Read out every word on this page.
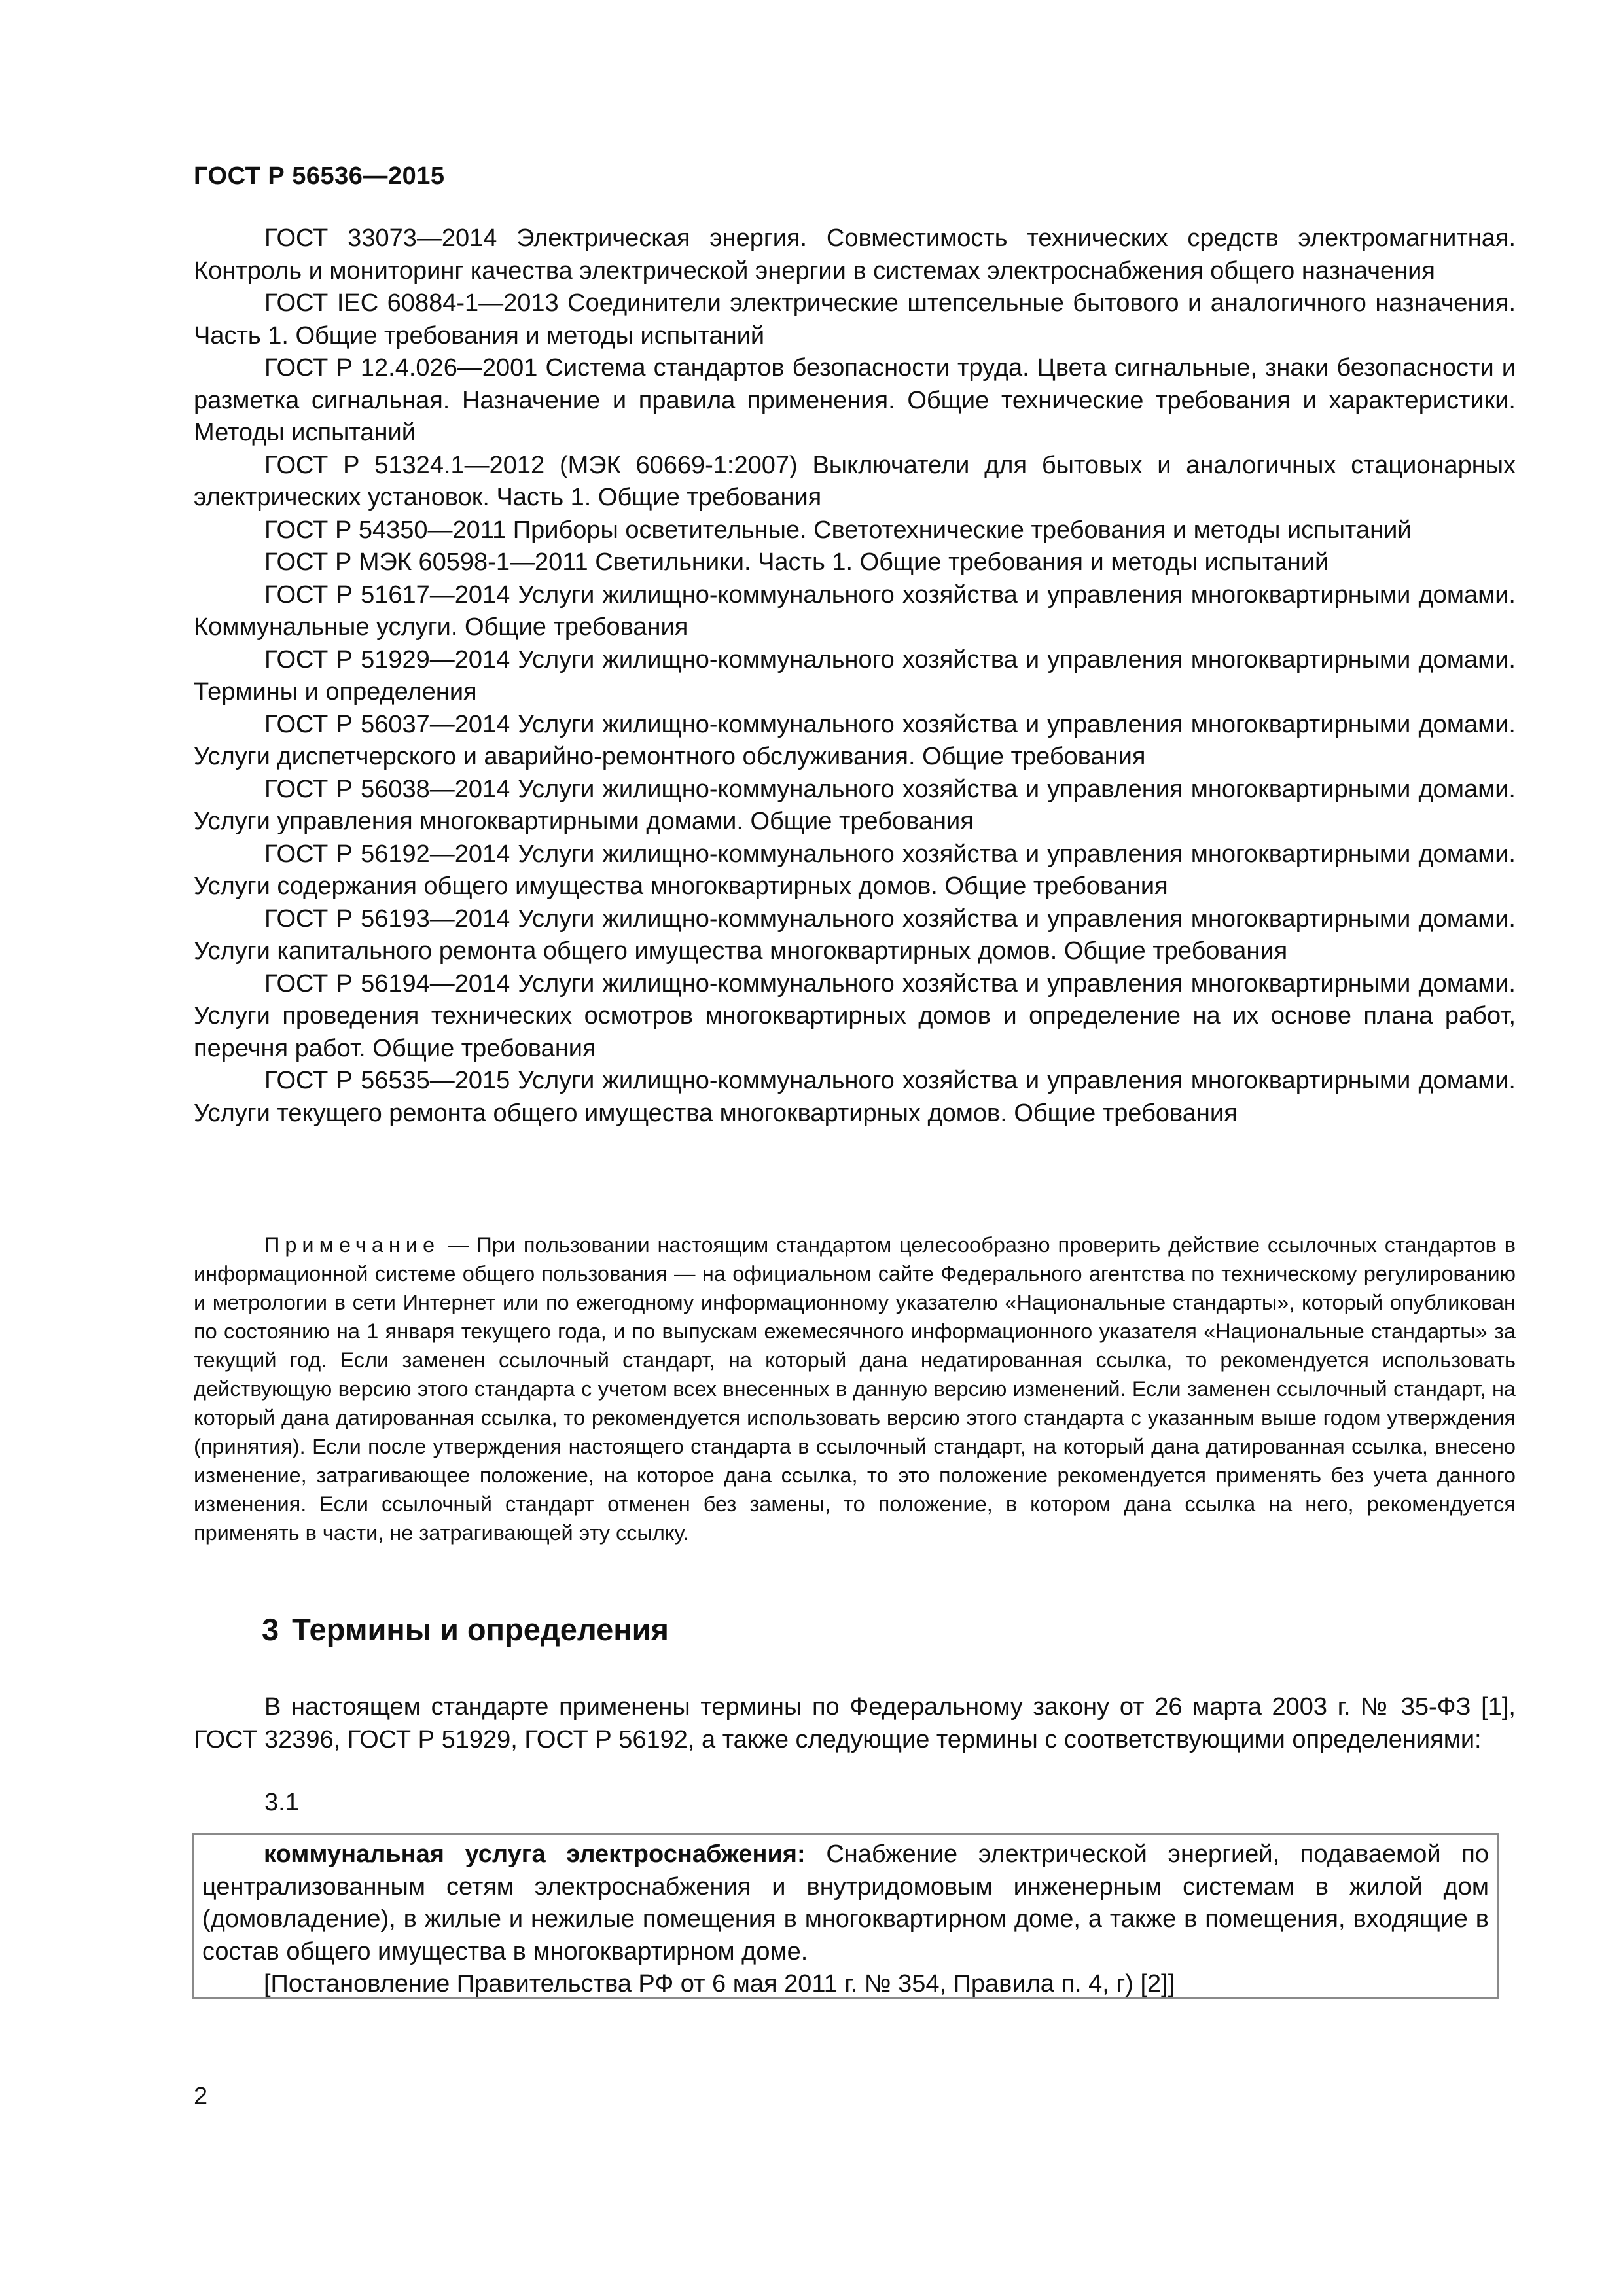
ГОСТ Р 56536—2015

ГОСТ 33073—2014 Электрическая энергия. Совместимость технических средств электромагнитная. Контроль и мониторинг качества электрической энергии в системах электроснабжения общего назначения

ГОСТ IEC 60884-1—2013 Соединители электрические штепсельные бытового и аналогичного назначения. Часть 1. Общие требования и методы испытаний

ГОСТ Р 12.4.026—2001 Система стандартов безопасности труда. Цвета сигнальные, знаки безопасности и разметка сигнальная. Назначение и правила применения. Общие технические требования и характеристики. Методы испытаний

ГОСТ Р 51324.1—2012 (МЭК 60669-1:2007) Выключатели для бытовых и аналогичных стационарных электрических установок. Часть 1. Общие требования

ГОСТ Р 54350—2011 Приборы осветительные. Светотехнические требования и методы испытаний

ГОСТ Р МЭК 60598-1—2011 Светильники. Часть 1. Общие требования и методы испытаний

ГОСТ Р 51617—2014 Услуги жилищно-коммунального хозяйства и управления многоквартирными домами. Коммунальные услуги. Общие требования

ГОСТ Р 51929—2014 Услуги жилищно-коммунального хозяйства и управления многоквартирными домами. Термины и определения

ГОСТ Р 56037—2014 Услуги жилищно-коммунального хозяйства и управления многоквартирными домами. Услуги диспетчерского и аварийно-ремонтного обслуживания. Общие требования

ГОСТ Р 56038—2014 Услуги жилищно-коммунального хозяйства и управления многоквартирными домами. Услуги управления многоквартирными домами. Общие требования

ГОСТ Р 56192—2014 Услуги жилищно-коммунального хозяйства и управления многоквартирными домами. Услуги содержания общего имущества многоквартирных домов. Общие требования

ГОСТ Р 56193—2014 Услуги жилищно-коммунального хозяйства и управления многоквартирными домами. Услуги капитального ремонта общего имущества многоквартирных домов. Общие требования

ГОСТ Р 56194—2014 Услуги жилищно-коммунального хозяйства и управления многоквартирными домами. Услуги проведения технических осмотров многоквартирных домов и определение на их основе плана работ, перечня работ. Общие требования

ГОСТ Р 56535—2015 Услуги жилищно-коммунального хозяйства и управления многоквартирными домами. Услуги текущего ремонта общего имущества многоквартирных домов. Общие требования

Примечание — При пользовании настоящим стандартом целесообразно проверить действие ссылочных стандартов в информационной системе общего пользования — на официальном сайте Федерального агентства по техническому регулированию и метрологии в сети Интернет или по ежегодному информационному указателю «Национальные стандарты», который опубликован по состоянию на 1 января текущего года, и по выпускам ежемесячного информационного указателя «Национальные стандарты» за текущий год. Если заменен ссылочный стандарт, на который дана недатированная ссылка, то рекомендуется использовать действующую версию этого стандарта с учетом всех внесенных в данную версию изменений. Если заменен ссылочный стандарт, на который дана датированная ссылка, то рекомендуется использовать версию этого стандарта с указанным выше годом утверждения (принятия). Если после утверждения настоящего стандарта в ссылочный стандарт, на который дана датированная ссылка, внесено изменение, затрагивающее положение, на которое дана ссылка, то это положение рекомендуется применять без учета данного изменения. Если ссылочный стандарт отменен без замены, то положение, в котором дана ссылка на него, рекомендуется применять в части, не затрагивающей эту ссылку.

3 Термины и определения

В настоящем стандарте применены термины по Федеральному закону от 26 марта 2003 г. № 35-ФЗ [1], ГОСТ 32396, ГОСТ Р 51929, ГОСТ Р 56192, а также следующие термины с соответствующими определениями:

3.1

коммунальная услуга электроснабжения: Снабжение электрической энергией, подаваемой по централизованным сетям электроснабжения и внутридомовым инженерным системам в жилой дом (домовладение), в жилые и нежилые помещения в многоквартирном доме, а также в помещения, входящие в состав общего имущества в многоквартирном доме.

[Постановление Правительства РФ от 6 мая 2011 г. № 354, Правила п. 4, г) [2]]

2
